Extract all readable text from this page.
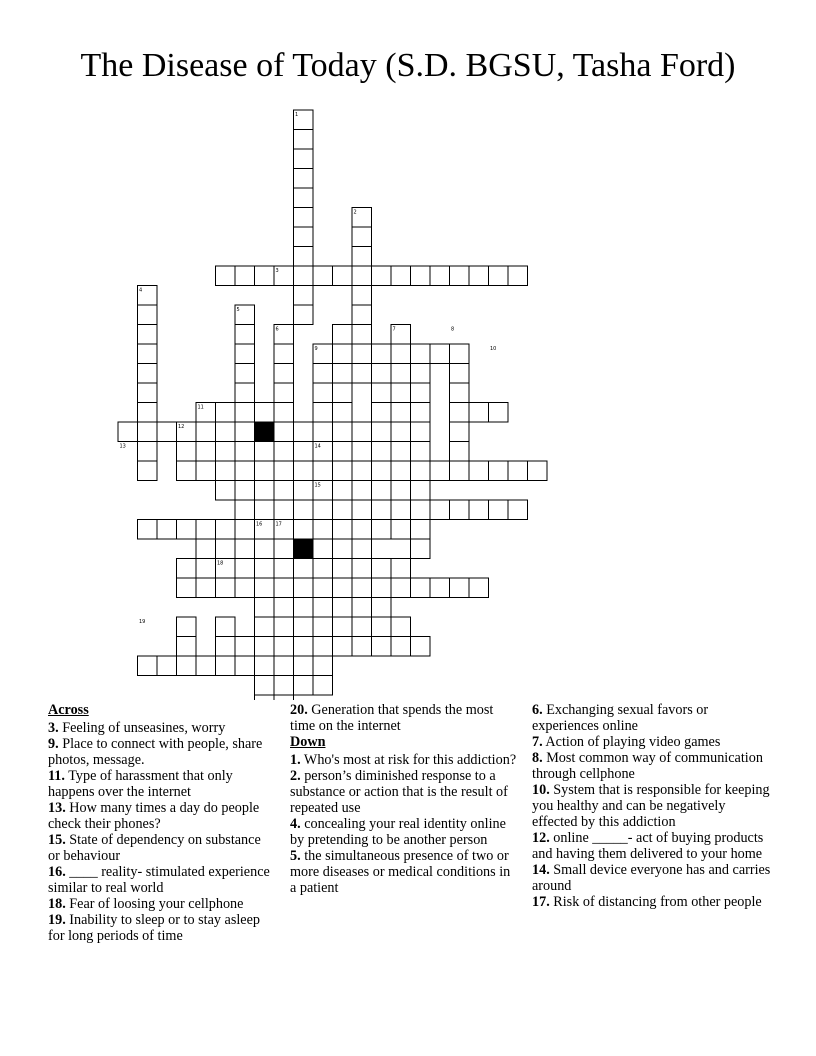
The Disease of Today (S.D. BGSU, Tasha Ford)
1
2
3
4
5
6	7	8
9	10
11
12
13	14
15
16	17
18
19
Across
3. Feeling of unseasines, worry
9. Place to connect with people, share photos, message.
11. Type of harassment that only happens over the internet
13. How many times a day do people check their phones?
15. State of dependency on substance or behaviour
16. ____ reality- stimulated experience similar to real world
18. Fear of loosing your cellphone
19. Inability to sleep or to stay asleep for long periods of time
20. Generation that spends the most time on the internet
Down
1. Who's most at risk for this addiction?
2. person’s diminished response to a substance or action that is the result of repeated use
4. concealing your real identity online by pretending to be another person
5. the simultaneous presence of two or more diseases or medical conditions in a patient
6. Exchanging sexual favors or experiences online
7. Action of playing video games
8. Most common way of communication through cellphone
10. System that is responsible for keeping you healthy and can be negatively effected by this addiction
12. online _____- act of buying products and having them delivered to your home
14. Small device everyone has and carries around
17. Risk of distancing from other people
